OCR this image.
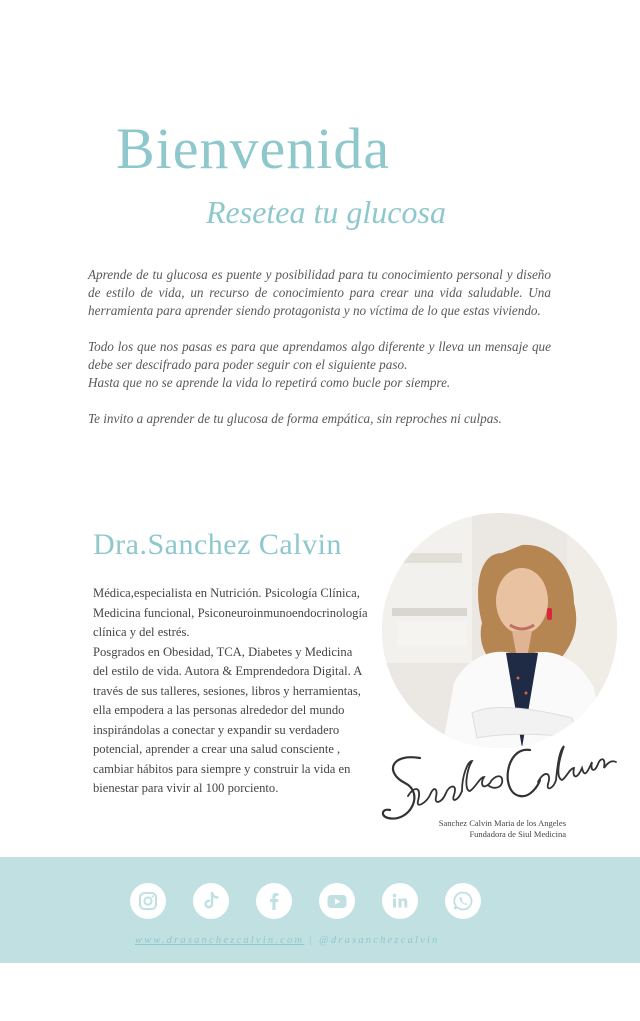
Bienvenida
Resetea tu glucosa

Aprende de tu glucosa es puente y posibilidad para tu conocimiento personal y diseño de estilo de vida, un recurso de conocimiento para crear una vida saludable. Una herramienta para aprender siendo protagonista y no víctima de lo que estas viviendo.

Todo los que nos pasas es para que aprendamos algo diferente y lleva un mensaje que debe ser descifrado para poder seguir con el siguiente paso.

Hasta que no se aprende la vida lo repetirá como bucle por siempre.

Te invito a aprender de tu glucosa de forma empática, sin reproches ni culpas.

Dra.Sanchez Calvin

Médica,especialista en Nutrición. Psicología Clínica, Medicina funcional, Psiconeuroinmunoendocrinología clínica y del estrés.

Posgrados en Obesidad, TCA, Diabetes y Medicina del estilo de vida. Autora & Emprendedora Digital. A través de sus talleres, sesiones, libros y herramientas, ella empodera a las personas alrededor del mundo inspirándolas a conectar y expandir su verdadero potencial, aprender a crear una salud consciente , cambiar hábitos para siempre y construir la vida en bienestar para vivir al 100 porciento.

Sanchez Calvin Maria de los Angeles
Fundadora de Siul Medicina
www.drasanchezcalvin.com | @drasanchezcalvin
